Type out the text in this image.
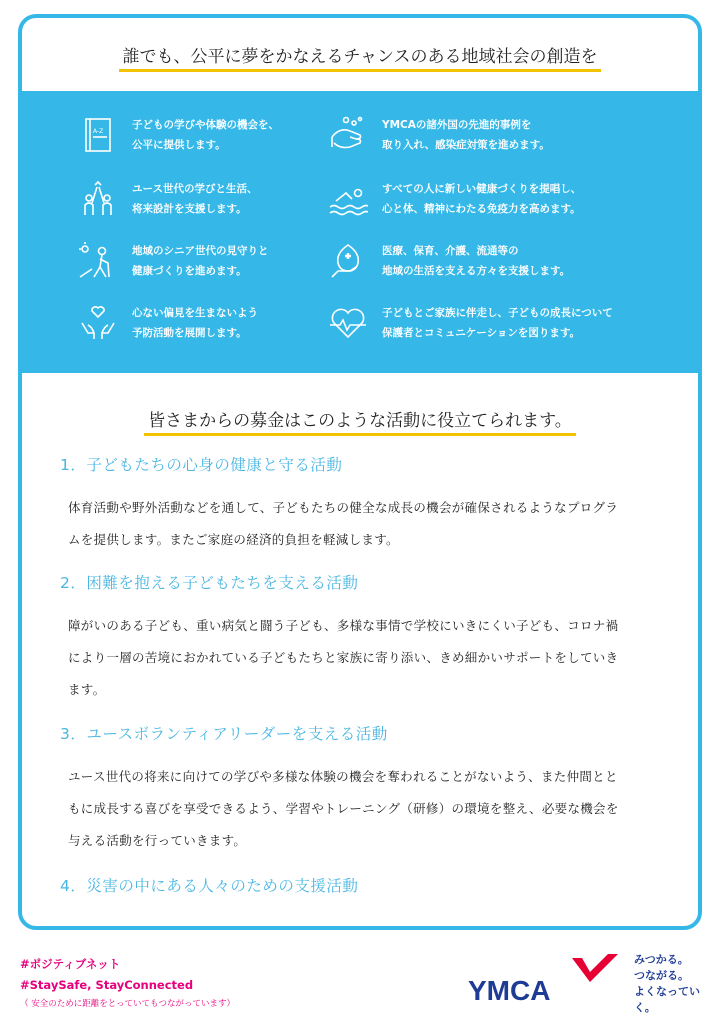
誰でも、公平に夢をかなえるチャンスのある地域社会の創造を
A-Z
子どもの学びや体験の機会を、
公平に提供します。
ユース世代の学びと生活、
将来設計を支援します。
地域のシニア世代の見守りと
健康づくりを進めます。
心ない偏見を生まないよう
予防活動を展開します。
YMCAの諸外国の先進的事例を
取り入れ、感染症対策を進めます。
すべての人に新しい健康づくりを提唱し、
心と体、精神にわたる免疫力を高めます。
医療、保育、介護、流通等の
地域の生活を支える方々を支援します。
子どもとご家族に伴走し、子どもの成長について
保護者とコミュニケーションを図ります。
皆さまからの募金はこのような活動に役立てられます。
1．子どもたちの心身の健康と守る活動
体育活動や野外活動などを通して、子どもたちの健全な成長の機会が確保されるようなプログラ
ムを提供します。またご家庭の経済的負担を軽減します。
2．困難を抱える子どもたちを支える活動
障がいのある子ども、重い病気と闘う子ども、多様な事情で学校にいきにくい子ども、コロナ禍
により一層の苦境におかれている子どもたちと家族に寄り添い、きめ細かいサポートをしていき
ます。
3．ユースボランティアリーダーを支える活動
ユース世代の将来に向けての学びや多様な体験の機会を奪われることがないよう、また仲間とと
もに成長する喜びを享受できるよう、学習やトレーニング（研修）の環境を整え、必要な機会を
与える活動を行っていきます。
4．災害の中にある人々のための支援活動
#ポジティブネット
#StaySafe, StayConnected
（ 安全のために距離をとっていてもつながっています）	YMCA
みつかる。
つながる。
よくなっていく。
